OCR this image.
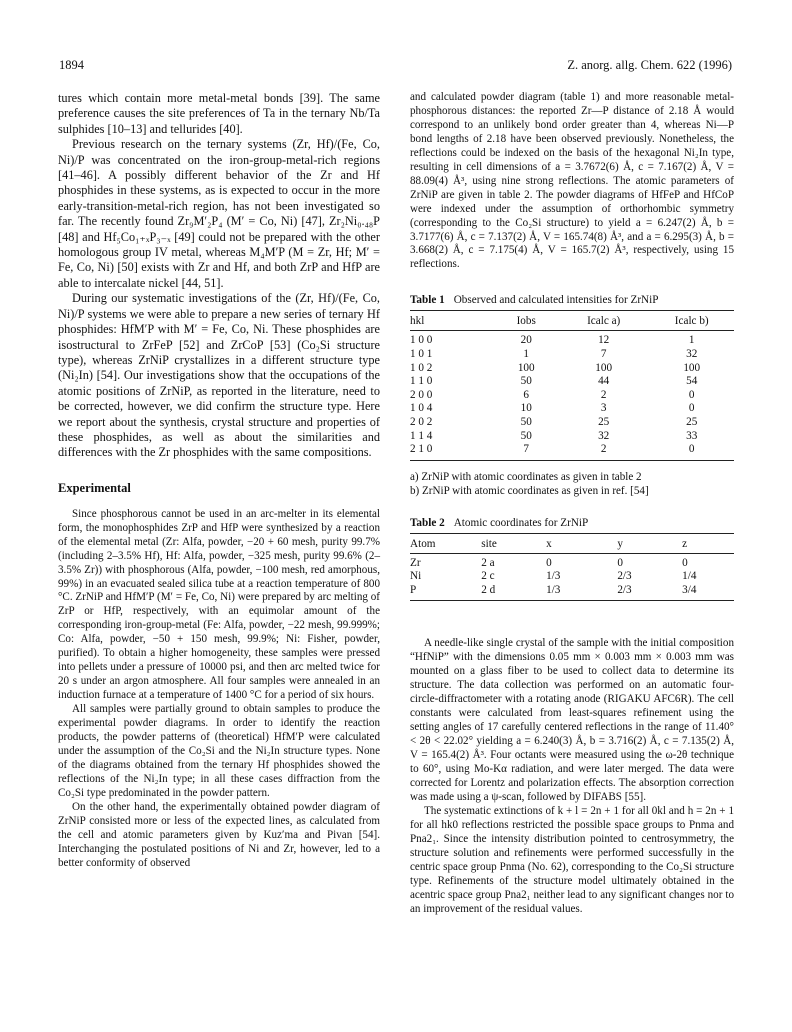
1894	Z. anorg. allg. Chem. 622 (1996)

tures which contain more metal-metal bonds [39]. The same preference causes the site preferences of Ta in the ternary Nb/Ta sulphides [10–13] and tellurides [40].

Previous research on the ternary systems (Zr, Hf)/(Fe, Co, Ni)/P was concentrated on the iron-group-metal-rich regions [41–46]. A possibly different behavior of the Zr and Hf phosphides in these systems, as is expected to occur in the more early-transition-metal-rich region, has not been investigated so far. The recently found Zr₉M′₂P₄ (M′ = Co, Ni) [47], Zr₂Ni₀.₄₈P [48] and Hf₅Co₁₊ₓP₃₋ₓ [49] could not be prepared with the other homologous group IV metal, whereas M₄M′P (M = Zr, Hf; M′ = Fe, Co, Ni) [50] exists with Zr and Hf, and both ZrP and HfP are able to intercalate nickel [44, 51].

During our systematic investigations of the (Zr, Hf)/(Fe, Co, Ni)/P systems we were able to prepare a new series of ternary Hf phosphides: HfM′P with M′ = Fe, Co, Ni. These phosphides are isostructural to ZrFeP [52] and ZrCoP [53] (Co₂Si structure type), whereas ZrNiP crystallizes in a different structure type (Ni₂In) [54]. Our investigations show that the occupations of the atomic positions of ZrNiP, as reported in the literature, need to be corrected, however, we did confirm the structure type. Here we report about the synthesis, crystal structure and properties of these phosphides, as well as about the similarities and differences with the Zr phosphides with the same compositions.

Experimental

Since phosphorous cannot be used in an arc-melter in its elemental form, the monophosphides ZrP and HfP were synthesized by a reaction of the elemental metal (Zr: Alfa, powder, −20 + 60 mesh, purity 99.7% (including 2–3.5% Hf), Hf: Alfa, powder, −325 mesh, purity 99.6% (2–3.5% Zr)) with phosphorous (Alfa, powder, −100 mesh, red amorphous, 99%) in an evacuated sealed silica tube at a reaction temperature of 800 °C. ZrNiP and HfM′P (M′ = Fe, Co, Ni) were prepared by arc melting of ZrP or HfP, respectively, with an equimolar amount of the corresponding iron-group-metal (Fe: Alfa, powder, −22 mesh, 99.999%; Co: Alfa, powder, −50 + 150 mesh, 99.9%; Ni: Fisher, powder, purified). To obtain a higher homogeneity, these samples were pressed into pellets under a pressure of 10000 psi, and then arc melted twice for 20 s under an argon atmosphere. All four samples were annealed in an induction furnace at a temperature of 1400 °C for a period of six hours.

All samples were partially ground to obtain samples to produce the experimental powder diagrams. In order to identify the reaction products, the powder patterns of (theoretical) HfM′P were calculated under the assumption of the Co₂Si and the Ni₂In structure types. None of the diagrams obtained from the ternary Hf phosphides showed the reflections of the Ni₂In type; in all these cases diffraction from the Co₂Si type predominated in the powder pattern.

On the other hand, the experimentally obtained powder diagram of ZrNiP consisted more or less of the expected lines, as calculated from the cell and atomic parameters given by Kuz′ma and Pivan [54]. Interchanging the postulated positions of Ni and Zr, however, led to a better conformity of observed

and calculated powder diagram (table 1) and more reasonable metal-phosphorous distances: the reported Zr—P distance of 2.18 Å would correspond to an unlikely bond order greater than 4, whereas Ni—P bond lengths of 2.18 have been observed previously. Nonetheless, the reflections could be indexed on the basis of the hexagonal Ni₂In type, resulting in cell dimensions of a = 3.7672(6) Å, c = 7.167(2) Å, V = 88.09(4) Å³, using nine strong reflections. The atomic parameters of ZrNiP are given in table 2. The powder diagrams of HfFeP and HfCoP were indexed under the assumption of orthorhombic symmetry (corresponding to the Co₂Si structure) to yield a = 6.247(2) Å, b = 3.7177(6) Å, c = 7.137(2) Å, V = 165.74(8) Å³, and a = 6.295(3) Å, b = 3.668(2) Å, c = 7.175(4) Å, V = 165.7(2) Å³, respectively, using 15 reflections.

Table 1 Observed and calculated intensities for ZrNiP
hkl	Iobs	Icalc a)	Icalc b)
1 0 0	20	12	1
1 0 1	1	7	32
1 0 2	100	100	100
1 1 0	50	44	54
2 0 0	6	2	0
1 0 4	10	3	0
2 0 2	50	25	25
1 1 4	50	32	33
2 1 0	7	2	0

a) ZrNiP with atomic coordinates as given in table 2

b) ZrNiP with atomic coordinates as given in ref. [54]

Table 2 Atomic coordinates for ZrNiP
Atom	site	x	y	z
Zr	2 a	0	0	0
Ni	2 c	1/3	2/3	1/4
P	2 d	1/3	2/3	3/4

A needle-like single crystal of the sample with the initial composition “HfNiP” with the dimensions 0.05 mm × 0.003 mm × 0.003 mm was mounted on a glass fiber to be used to collect data to determine its structure. The data collection was performed on an automatic four-circle-diffractometer with a rotating anode (RIGAKU AFC6R). The cell constants were calculated from least-squares refinement using the setting angles of 17 carefully centered reflections in the range of 11.40° < 2θ < 22.02° yielding a = 6.240(3) Å, b = 3.716(2) Å, c = 7.135(2) Å, V = 165.4(2) Å³. Four octants were measured using the ω-2θ technique to 60°, using Mo-Kα radiation, and were later merged. The data were corrected for Lorentz and polarization effects. The absorption correction was made using a ψ-scan, followed by DIFABS [55].

The systematic extinctions of k + l = 2n + 1 for all 0kl and h = 2n + 1 for all hk0 reflections restricted the possible space groups to Pnma and Pna2₁. Since the intensity distribution pointed to centrosymmetry, the structure solution and refinements were performed successfully in the centric space group Pnma (No. 62), corresponding to the Co₂Si structure type. Refinements of the structure model ultimately obtained in the acentric space group Pna2₁ neither lead to any significant changes nor to an improvement of the residual values.
